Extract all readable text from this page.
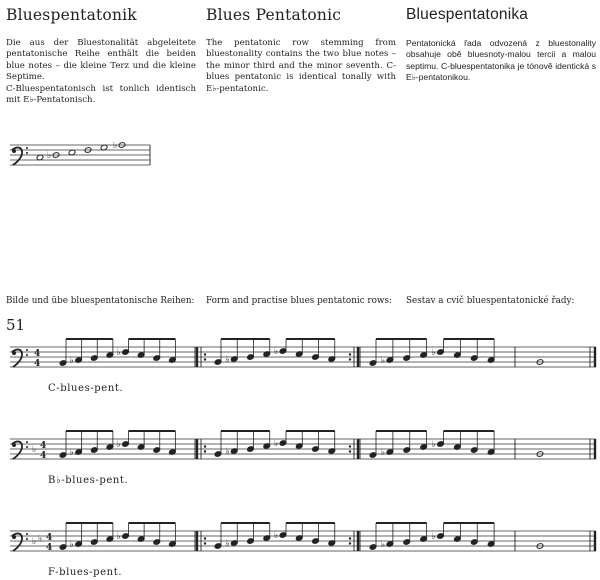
Bluespentatonik

Die aus der Bluestonalität abgeleitete pentatonische Reihe enthält die beiden blue notes – die kleine Terz und die kleine Septime.

C-Bluespentatonisch ist tonlich identisch mit E♭-Pentatonisch.

Blues Pentatonic

The pentatonic row stemming from bluestonality contains the two blue notes – the minor third and the minor seventh. C-blues pentatonic is identical tonally with E♭-pentatonic.

Bluespentatonika

Pentatonická řada odvozená z bluestonality obsahuje obě bluesnoty-malou tercii a malou septimu. C-bluespentatonika je tónově identická s E♭-pentatonikou.

Bilde und übe bluespentatonische Reihen: Form and practise blues pentatonic rows: Sestav a cvič bluespentatonické řady:
51
C-blues-pent.
B♭-blues-pent.
F-blues-pent.
♭
♭
4
4	♭
♭
♭
♭
♭
♭
♭ 4
4	♭
♭
♭
♭
♭
♭
♭ ♭ 4
4 ♭
♭
♭
♭
♭
♭
